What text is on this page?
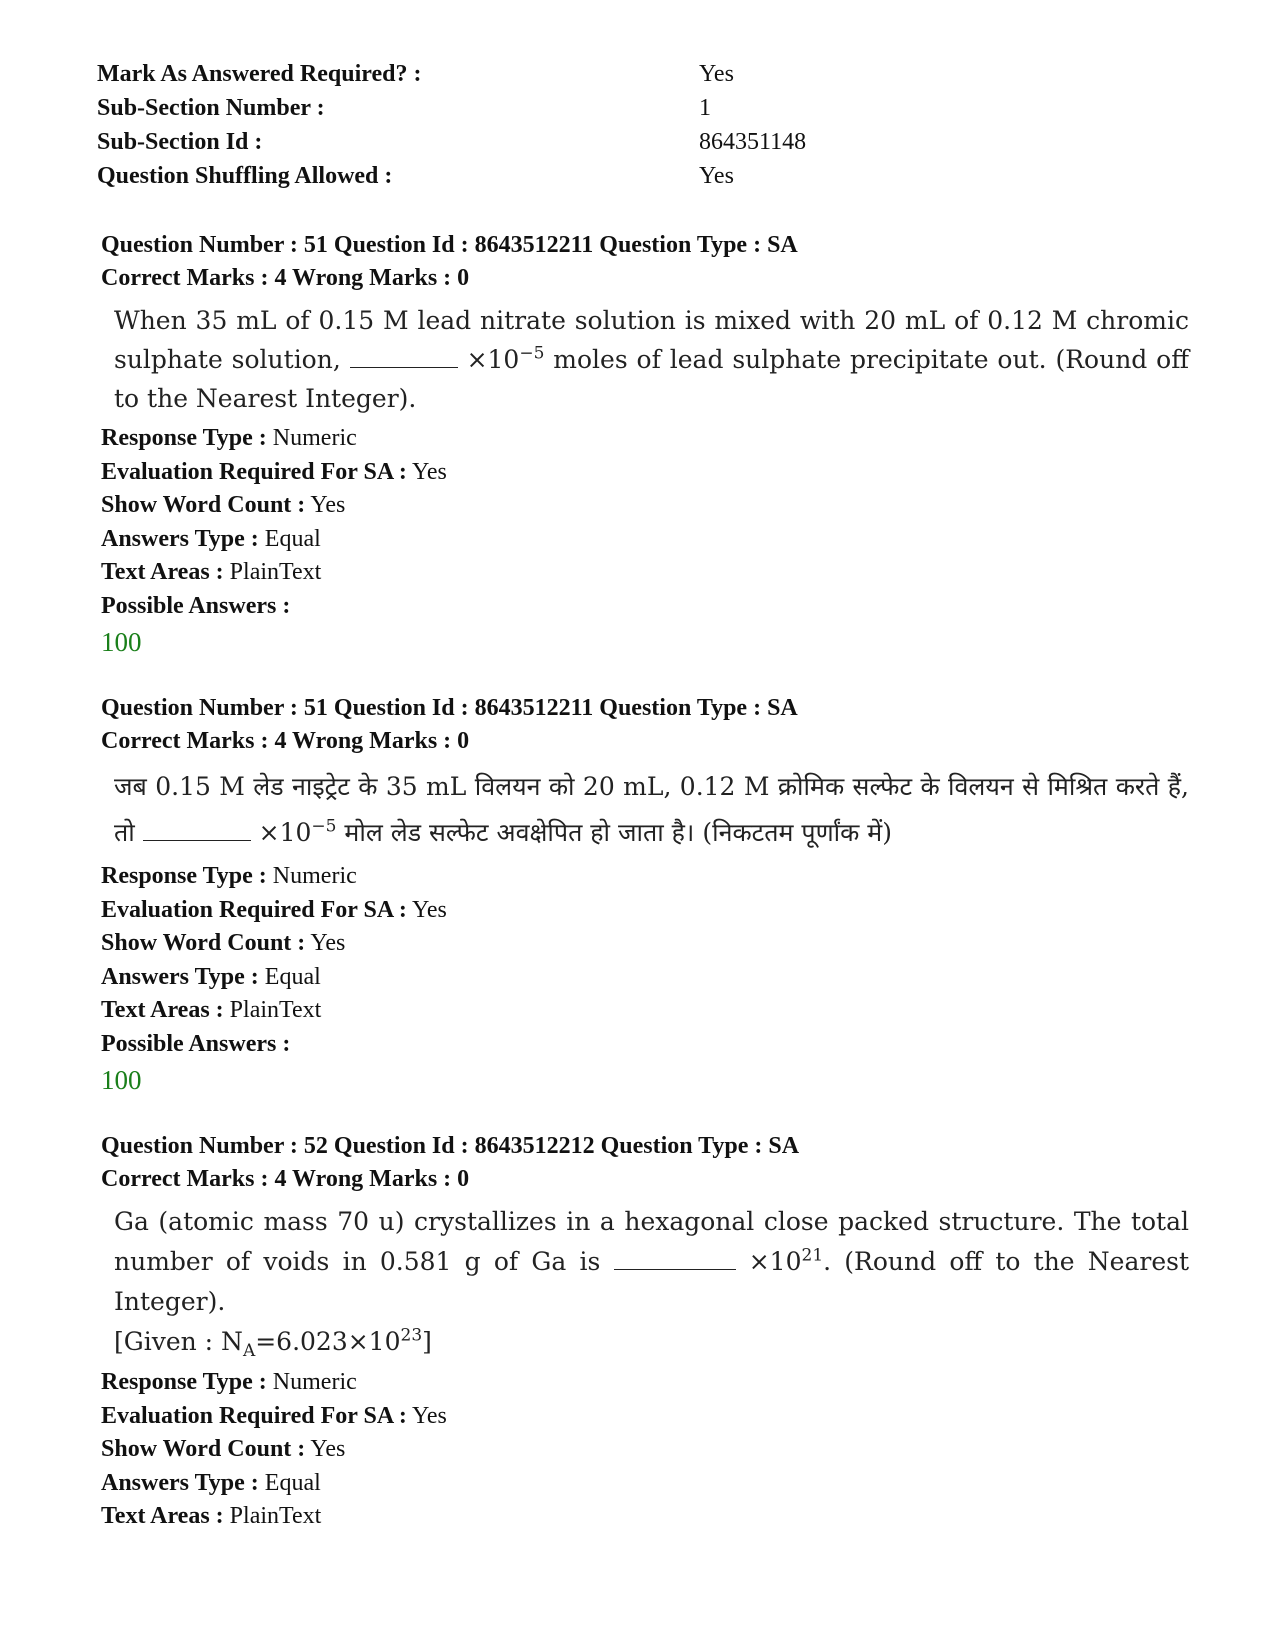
Mark As Answered Required? :	Yes
Sub-Section Number :	1
Sub-Section Id :	864351148
Question Shuffling Allowed :	Yes
Question Number : 51 Question Id : 8643512211 Question Type : SA
Correct Marks : 4 Wrong Marks : 0
When 35 mL of 0.15 M lead nitrate solution is mixed with 20 mL of 0.12 M chromic sulphate solution,	$\times 10^{-5}$ moles of lead sulphate precipitate out. (Round off to the Nearest Integer).
Response Type : Numeric
Evaluation Required For SA : Yes
Show Word Count : Yes
Answers Type : Equal
Text Areas : PlainText
Possible Answers :
100
Question Number : 51 Question Id : 8643512211 Question Type : SA
Correct Marks : 4 Wrong Marks : 0
जब 0.15 M लेड नाइट्रेट के 35 mL विलयन को 20 mL, 0.12 M क्रोमिक सल्फेट के विलयन से मिश्रित करते हैं, तो	$\times 10^{-5}$ मोल लेड सल्फेट अवक्षेपित हो जाता है। (निकटतम पूर्णांक में)
Response Type : Numeric
Evaluation Required For SA : Yes
Show Word Count : Yes
Answers Type : Equal
Text Areas : PlainText
Possible Answers :
100
Question Number : 52 Question Id : 8643512212 Question Type : SA
Correct Marks : 4 Wrong Marks : 0
Ga (atomic mass 70 u) crystallizes in a hexagonal close packed structure. The total number of voids in 0.581 g of Ga is	$\times 10^{21}$. (Round off to the Nearest Integer).
[Given : $N_A=6.023\times 10^{23}$]
Response Type : Numeric
Evaluation Required For SA : Yes
Show Word Count : Yes
Answers Type : Equal
Text Areas : PlainText
